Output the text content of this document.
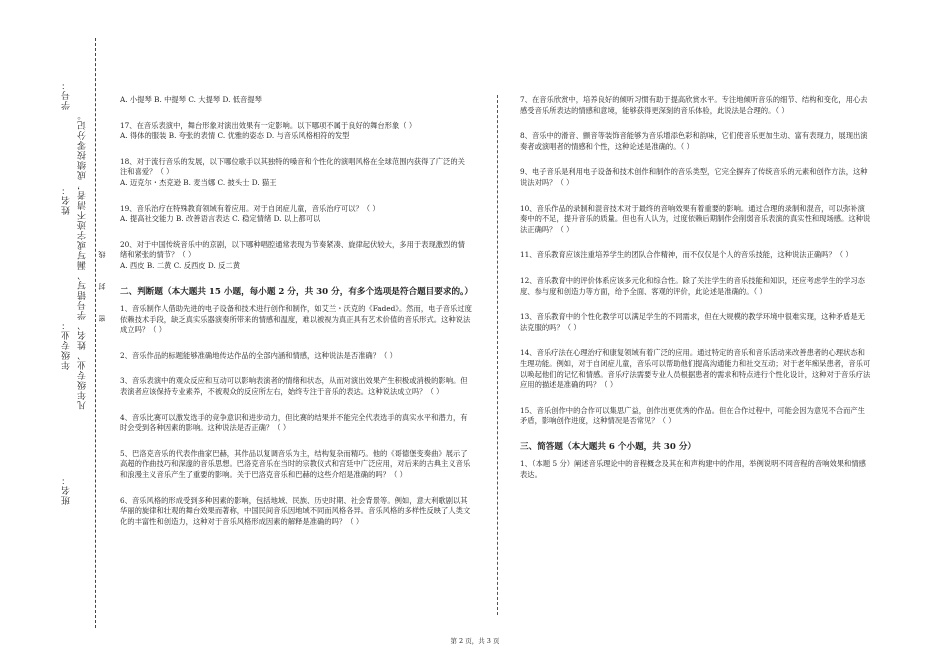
学号：
姓名：
年级专业：
班名：
凡年级专业、姓名、学号错写、漏写或字迹不清者，成绩按零分记。 密　　　封　　　线

A. 小提琴 B. 中提琴 C. 大提琴 D. 低音提琴

17、在音乐表演中，舞台形象对演出效果有一定影响。以下哪项不属于良好的舞台形象（ ）

A. 得体的服装 B. 夸张的表情 C. 优雅的姿态 D. 与音乐风格相符的发型

18、对于流行音乐的发展，以下哪位歌手以其独特的嗓音和个性化的演唱风格在全球范围内获得了广泛的关注和喜爱？（ ）

A. 迈克尔・杰克逊 B. 麦当娜 C. 披头士 D. 猫王

19、音乐治疗在特殊教育领域有着应用。对于自闭症儿童，音乐治疗可以？（ ）

A. 提高社交能力 B. 改善语言表达 C. 稳定情绪 D. 以上都可以

20、对于中国传统音乐中的京剧，以下哪种唱腔通常表现为节奏紧凑、旋律起伏较大，多用于表现激烈的情绪和紧张的情节？（ ）

A. 西皮 B. 二黄 C. 反西皮 D. 反二黄

二、判断题（本大题共 15 小题，每小题 2 分，共 30 分，有多个选项是符合题目要求的。）

1、音乐制作人借助先进的电子设备和技术进行创作和制作，如艾兰・沃克的《Faded》。然而，电子音乐过度依赖技术手段，缺乏真实乐器演奏所带来的情感和温度，难以被视为真正具有艺术价值的音乐形式。这种说法成立吗？（ ）

2、音乐作品的标题能够准确地传达作品的全部内涵和情感，这种说法是否准确？（ ）

3、音乐表演中的观众反应和互动可以影响表演者的情绪和状态，从而对演出效果产生积极或消极的影响。但表演者应该保持专业素养，不被观众的反应所左右，始终专注于音乐的表达。这种说法成立吗？（ ）

4、音乐比赛可以激发选手的竞争意识和进步动力，但比赛的结果并不能完全代表选手的真实水平和潜力，有时会受到各种因素的影响。这种说法是否正确？（ ）

5、巴洛克音乐的代表作曲家巴赫，其作品以复调音乐为主，结构复杂而精巧。他的《哥德堡变奏曲》展示了高超的作曲技巧和深邃的音乐思想。巴洛克音乐在当时的宗教仪式和宫廷中广泛应用，对后来的古典主义音乐和浪漫主义音乐产生了重要的影响。关于巴洛克音乐和巴赫的这些介绍是准确的吗？（ ）

6、音乐风格的形成受到多种因素的影响，包括地域、民族、历史时期、社会背景等。例如，意大利歌剧以其华丽的旋律和壮观的舞台效果而著称，中国民间音乐因地域不同而风格各异。音乐风格的多样性反映了人类文化的丰富性和创造力，这种对于音乐风格形成因素的解释是准确的吗？（ ）

7、在音乐欣赏中，培养良好的倾听习惯有助于提高欣赏水平。专注地倾听音乐的细节、结构和变化，用心去感受音乐所表达的情感和意境，能够获得更深刻的音乐体验，此说法是合理的。（ ）

8、音乐中的滑音、颤音等装饰音能够为音乐增添色彩和韵味，它们使音乐更加生动、富有表现力，展现出演奏者或演唱者的情感和个性，这种论述是准确的。（ ）

9、电子音乐是利用电子设备和技术创作和制作的音乐类型，它完全摒弃了传统音乐的元素和创作方法，这种说法对吗？（ ）

10、音乐作品的录制和混音技术对于最终的音响效果有着重要的影响。通过合理的录制和混音，可以弥补演奏中的不足，提升音乐的质量。但也有人认为，过度依赖后期制作会削弱音乐表演的真实性和现场感。这种说法正确吗？（ ）

11、音乐教育应该注重培养学生的团队合作精神，而不仅仅是个人的音乐技能，这种说法正确吗？（ ）

12、音乐教育中的评价体系应该多元化和综合性。除了关注学生的音乐技能和知识，还应考虑学生的学习态度、参与度和创造力等方面，给予全面、客观的评价，此论述是准确的。（ ）

13、音乐教育中的个性化教学可以满足学生的不同需求，但在大规模的教学环境中很难实现，这种矛盾是无法克服的吗？（ ）

14、音乐疗法在心理治疗和康复领域有着广泛的应用。通过特定的音乐和音乐活动来改善患者的心理状态和生理功能。例如，对于自闭症儿童，音乐可以帮助他们提高沟通能力和社交互动；对于老年痴呆患者，音乐可以唤起他们的记忆和情感。音乐疗法需要专业人员根据患者的需求和特点进行个性化设计，这种对于音乐疗法应用的描述是准确的吗？（ ）

15、音乐创作中的合作可以集思广益，创作出更优秀的作品。但在合作过程中，可能会因为意见不合而产生矛盾，影响创作进度，这种情况是否常见？（ ）

三、简答题（本大题共 6 个小题，共 30 分）

1、（本题 5 分）阐述音乐理论中的音程概念及其在和声构建中的作用，举例说明不同音程的音响效果和情感表达。

第 2 页，共 3 页
